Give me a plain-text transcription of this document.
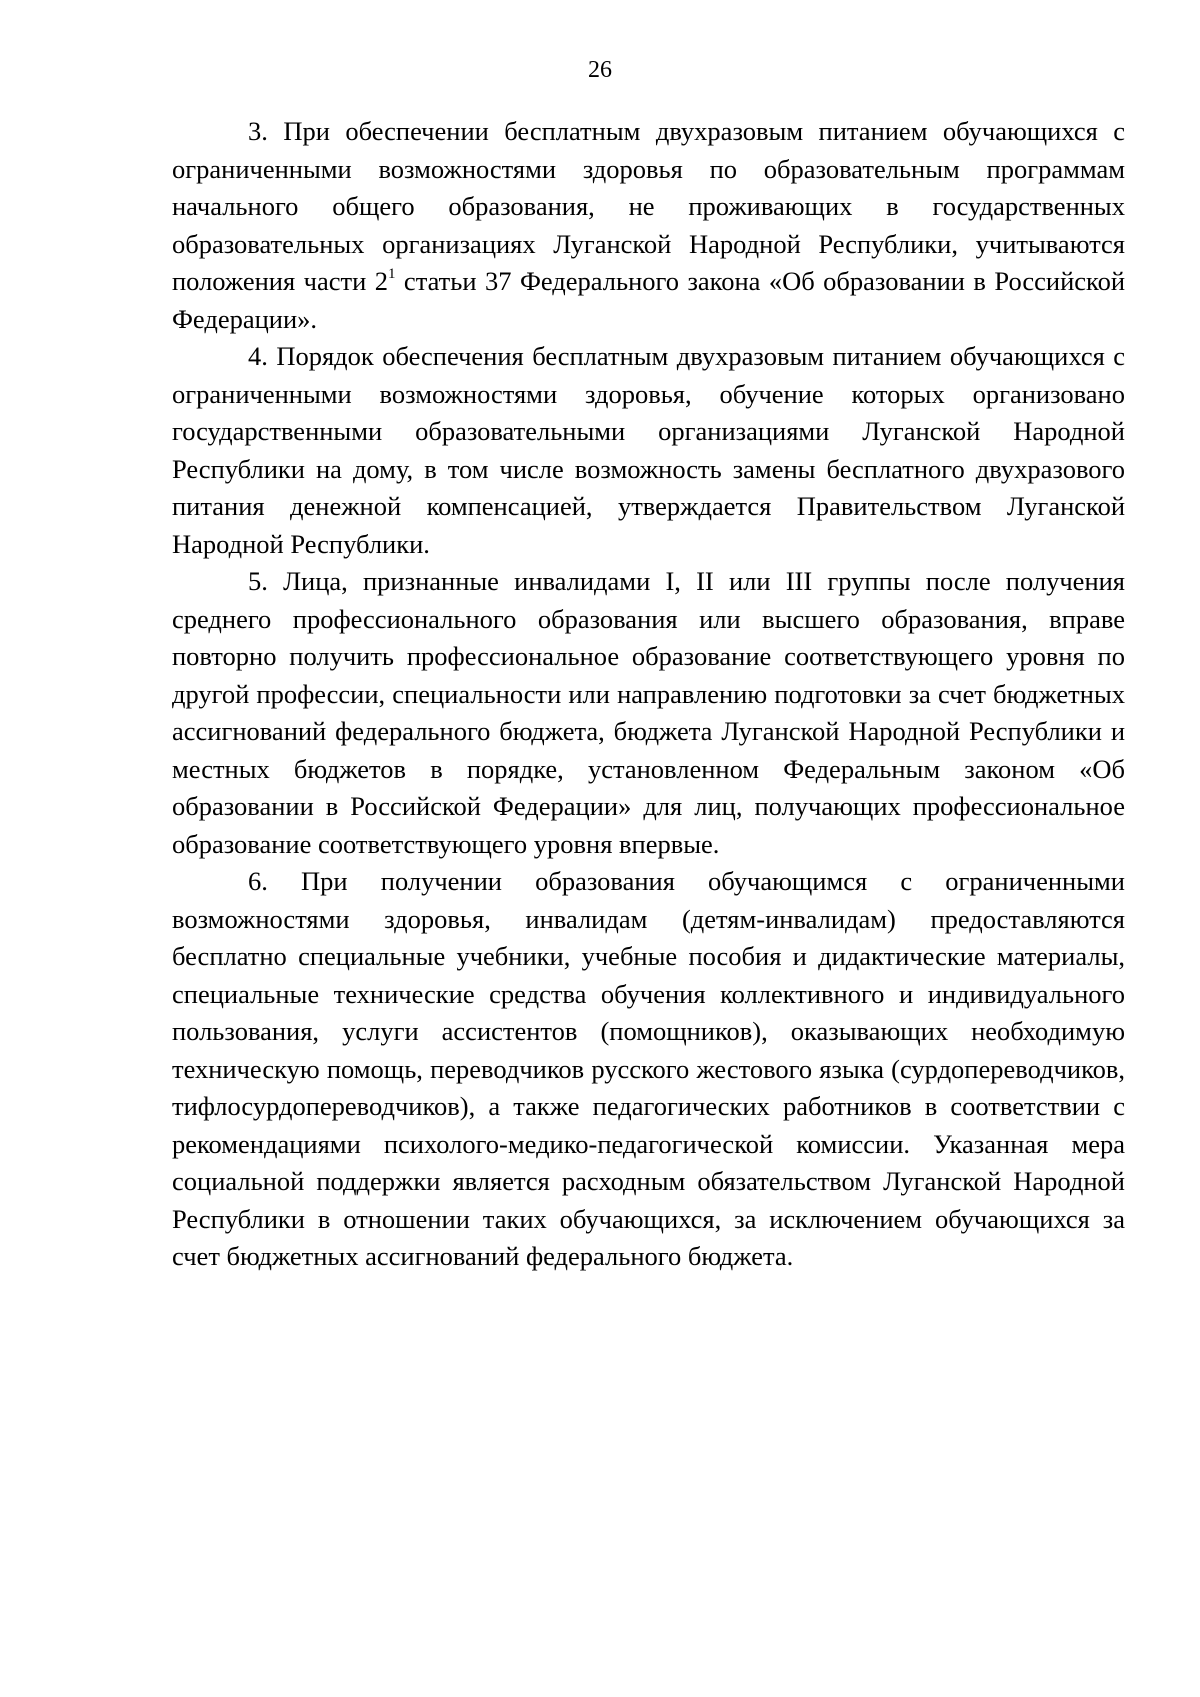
26

3. При обеспечении бесплатным двухразовым питанием обучающихся с ограниченными возможностями здоровья по образовательным программам начального общего образования, не проживающих в государственных образовательных организациях Луганской Народной Республики, учитываются положения части $2^1$ статьи 37 Федерального закона «Об образовании в Российской Федерации».

4. Порядок обеспечения бесплатным двухразовым питанием обучающихся с ограниченными возможностями здоровья, обучение которых организовано государственными образовательными организациями Луганской Народной Республики на дому, в том числе возможность замены бесплатного двухразового питания денежной компенсацией, утверждается Правительством Луганской Народной Республики.

5. Лица, признанные инвалидами I, II или III группы после получения среднего профессионального образования или высшего образования, вправе повторно получить профессиональное образование соответствующего уровня по другой профессии, специальности или направлению подготовки за счет бюджетных ассигнований федерального бюджета, бюджета Луганской Народной Республики и местных бюджетов в порядке, установленном Федеральным законом «Об образовании в Российской Федерации» для лиц, получающих профессиональное образование соответствующего уровня впервые.

6. При получении образования обучающимся с ограниченными возможностями здоровья, инвалидам (детям-инвалидам) предоставляются бесплатно специальные учебники, учебные пособия и дидактические материалы, специальные технические средства обучения коллективного и индивидуального пользования, услуги ассистентов (помощников), оказывающих необходимую техническую помощь, переводчиков русского жестового языка (сурдопереводчиков, тифлосурдопереводчиков), а также педагогических работников в соответствии с рекомендациями психолого-медико-педагогической комиссии. Указанная мера социальной поддержки является расходным обязательством Луганской Народной Республики в отношении таких обучающихся, за исключением обучающихся за счет бюджетных ассигнований федерального бюджета.
